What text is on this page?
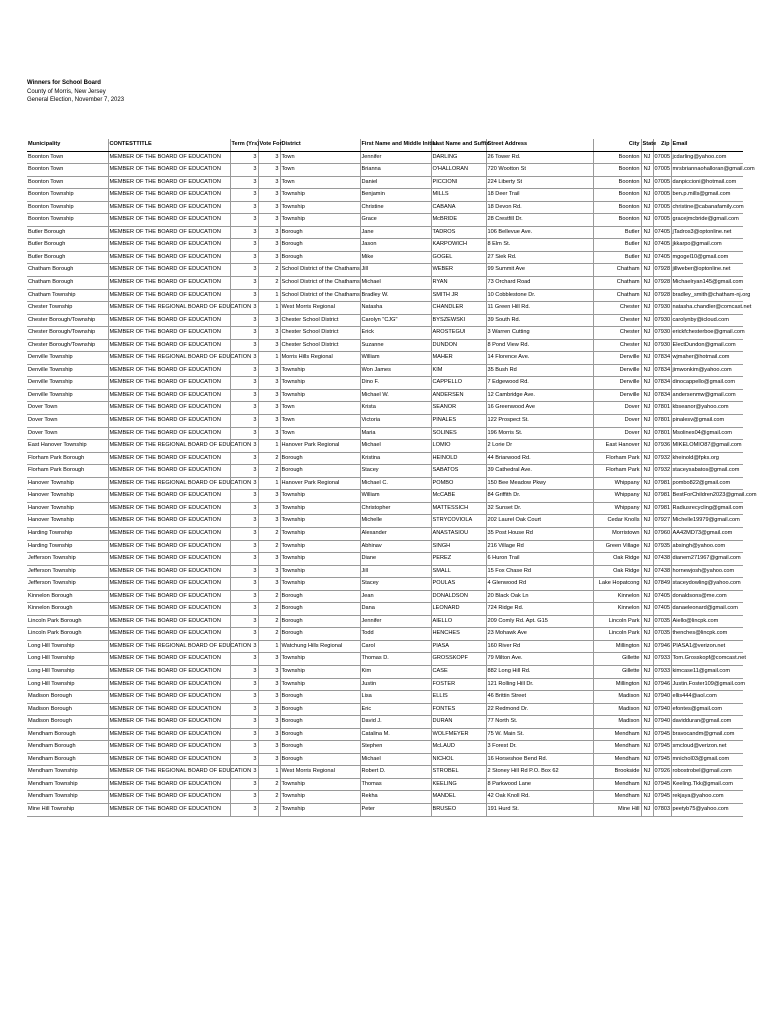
Winners for School Board
County of Morris, New Jersey
General Election, November 7, 2023
Municipality	CONTESTTITLE	Term (Yrs)	Vote For	District	First Name and Middle Initial	Last Name and Suffix	Street Address	City	State	Zip	Email
Boonton Town	MEMBER OF THE BOARD OF EDUCATION	3	3	Town	Jennifer	DARLING	26 Tower Rd.	Boonton	NJ	07005	jcdarling@yahoo.com
Boonton Town	MEMBER OF THE BOARD OF EDUCATION	3	3	Town	Brianna	O'HALLORAN	720 Wootton St	Boonton	NJ	07005	mrsbriannaohalloran@gmail.com
Boonton Town	MEMBER OF THE BOARD OF EDUCATION	3	3	Town	Daniel	PICCIONI	224 Liberty St	Boonton	NJ	07005	danpiccioni@hotmail.com
Boonton Township	MEMBER OF THE BOARD OF EDUCATION	3	3	Township	Benjamin	MILLS	18 Deer Trail	Boonton	NJ	07005	ben.p.mills@gmail.com
Boonton Township	MEMBER OF THE BOARD OF EDUCATION	3	3	Township	Christine	CABANA	18 Devon Rd.	Boonton	NJ	07005	christine@cabanafamily.com
Boonton Township	MEMBER OF THE BOARD OF EDUCATION	3	3	Township	Grace	McBRIDE	28 Crestfill Dr.	Boonton	NJ	07005	gracejmcbride@gmail.com
Butler Borough	MEMBER OF THE BOARD OF EDUCATION	3	3	Borough	Jane	TADROS	106 Bellevue Ave.	Butler	NJ	07405	jTadros3@optonline.net
Butler Borough	MEMBER OF THE BOARD OF EDUCATION	3	3	Borough	Jason	KARPOWICH	8 Elm St.	Butler	NJ	07405	jkkarpo@gmail.com
Butler Borough	MEMBER OF THE BOARD OF EDUCATION	3	3	Borough	Mike	GOGEL	27 Siek Rd.	Butler	NJ	07405	mgogel10@gmail.com
Chatham Borough	MEMBER OF THE BOARD OF EDUCATION	3	2	School District of the Chathams	Jill	WEBER	99 Summit Ave	Chatham	NJ	07928	jillweber@optonline.net
Chatham Borough	MEMBER OF THE BOARD OF EDUCATION	3	2	School District of the Chathams	Michael	RYAN	73 Orchard Road	Chatham	NJ	07928	Michaelryan145@gmail.com
Chatham Township	MEMBER OF THE BOARD OF EDUCATION	3	1	School District of the Chathams	Bradley W.	SMITH JR	10 Cobblestone Dr.	Chatham	NJ	07928	bradley_smith@chatham-nj.org
Chester Township	MEMBER OF THE REGIONAL BOARD OF EDUCATION	3	1	West Morris Regional	Natasha	CHANDLER	11 Green Hill Rd.	Chester	NJ	07930	natasha.chandler@comcast.net
Chester Borough/Township	MEMBER OF THE BOARD OF EDUCATION	3	3	Chester School District	Carolyn "CJG"	BYSZEWSKI	39 South Rd.	Chester	NJ	07930	carolynby@icloud.com
Chester Borough/Township	MEMBER OF THE BOARD OF EDUCATION	3	3	Chester School District	Erick	AROSTEGUI	3 Warren Cutting	Chester	NJ	07930	erickfchesterboe@gmail.com
Chester Borough/Township	MEMBER OF THE BOARD OF EDUCATION	3	3	Chester School District	Suzanne	DUNDON	8 Pond View Rd.	Chester	NJ	07930	ElectDundon@gmail.com
Denville Township	MEMBER OF THE REGIONAL BOARD OF EDUCATION	3	1	Morris Hills Regional	William	MAHER	14 Florence Ave.	Denville	NJ	07834	wjmaher@hotmail.com
Denville Township	MEMBER OF THE BOARD OF EDUCATION	3	3	Township	Won James	KIM	35 Bush Rd	Denville	NJ	07834	jimwonkim@yahoo.com
Denville Township	MEMBER OF THE BOARD OF EDUCATION	3	3	Township	Dino F.	CAPPELLO	7 Edgewood Rd.	Denville	NJ	07834	dinocappello@gmail.com
Denville Township	MEMBER OF THE BOARD OF EDUCATION	3	3	Township	Michael W.	ANDERSEN	12 Cambridge Ave.	Denville	NJ	07834	andersenmw@gmail.com
Dover Town	MEMBER OF THE BOARD OF EDUCATION	3	3	Town	Krista	SEANOR	16 Greenwood Ave	Dover	NJ	07801	kbseanor@yahoo.com
Dover Town	MEMBER OF THE BOARD OF EDUCATION	3	3	Town	Victoria	PINALES	122 Prospect St.	Dover	NJ	07801	pinalesv@gmail.com
Dover Town	MEMBER OF THE BOARD OF EDUCATION	3	3	Town	Maria	SOLINES	196 Morris St.	Dover	NJ	07801	Msolines04@gmail.com
East Hanover Township	MEMBER OF THE REGIONAL BOARD OF EDUCATION	3	1	Hanover Park Regional	Michael	LOMIO	2 Lorie Dr	East Hanover	NJ	07936	MIKELOMIO87@gmail.com
Florham Park Borough	MEMBER OF THE BOARD OF EDUCATION	3	2	Borough	Kristina	HEINOLD	44 Briarwood Rd.	Florham Park	NJ	07932	kheinold@fpks.org
Florham Park Borough	MEMBER OF THE BOARD OF EDUCATION	3	2	Borough	Stacey	SABATOS	39 Cathedral Ave.	Florham Park	NJ	07932	staceysabatos@gmail.com
Hanover Township	MEMBER OF THE REGIONAL BOARD OF EDUCATION	3	1	Hanover Park Regional	Michael C.	POMBO	150 Bee Meadow Pkwy	Whippany	NJ	07981	pombo822@gmail.com
Hanover Township	MEMBER OF THE BOARD OF EDUCATION	3	3	Township	William	McCABE	84 Griffith Dr.	Whippany	NJ	07981	BestForChildren2023@gmail.com
Hanover Township	MEMBER OF THE BOARD OF EDUCATION	3	3	Township	Christopher	MATTESSICH	32 Sunset Dr.	Whippany	NJ	07981	Radiusrecycling@gmail.com
Hanover Township	MEMBER OF THE BOARD OF EDUCATION	3	3	Township	Michelle	STRYCOVIOLA	202 Laurel Oak Court	Cedar Knolls	NJ	07927	Michelle19979@gmail.com
Harding Township	MEMBER OF THE BOARD OF EDUCATION	3	2	Township	Alexander	ANASTASIOU	35 Post House Rd	Morristown	NJ	07960	AA42MD73@gmail.com
Harding Township	MEMBER OF THE BOARD OF EDUCATION	3	2	Township	Abhinav	SINGH	216 Village Rd	Green Village	NJ	07935	absingh@yahoo.com
Jefferson Township	MEMBER OF THE BOARD OF EDUCATION	3	3	Township	Diane	PEREZ	6 Huron Trail	Oak Ridge	NJ	07438	dianem271967@gmail.com
Jefferson Township	MEMBER OF THE BOARD OF EDUCATION	3	3	Township	Jill	SMALL	15 Fox Chase Rd	Oak Ridge	NJ	07438	hornewjosh@yahoo.com
Jefferson Township	MEMBER OF THE BOARD OF EDUCATION	3	3	Township	Stacey	POULAS	4 Glenwood Rd	Lake Hopatcong	NJ	07849	staceydowling@yahoo.com
Kinnelon Borough	MEMBER OF THE BOARD OF EDUCATION	3	2	Borough	Jean	DONALDSON	20 Black Oak Ln	Kinnelon	NJ	07405	donaldsons@me.com
Kinnelon Borough	MEMBER OF THE BOARD OF EDUCATION	3	2	Borough	Dana	LEONARD	724 Ridge Rd.	Kinnelon	NJ	07405	danaeleonard@gmail.com
Lincoln Park Borough	MEMBER OF THE BOARD OF EDUCATION	3	2	Borough	Jennifer	AIELLO	209 Comly Rd. Apt. G15	Lincoln Park	NJ	07035	Aiello@lincpk.com
Lincoln Park Borough	MEMBER OF THE BOARD OF EDUCATION	3	2	Borough	Todd	HENCHES	23 Mohawk Ave	Lincoln Park	NJ	07035	thenches@lincpk.com
Long Hill Township	MEMBER OF THE REGIONAL BOARD OF EDUCATION	3	1	Watchung Hills Regional	Carol	PIASA	160 River Rd	Millington	NJ	07946	PIASA1@verizon.net
Long Hill Township	MEMBER OF THE BOARD OF EDUCATION	3	3	Township	Thomas D.	GROSSKOPF	79 Milton Ave.	Gillette	NJ	07933	Tom.Grosskopf@comcast.net
Long Hill Township	MEMBER OF THE BOARD OF EDUCATION	3	3	Township	Kim	CASE	882 Long Hill Rd.	Gillette	NJ	07933	kimcase11@gmail.com
Long Hill Township	MEMBER OF THE BOARD OF EDUCATION	3	3	Township	Justin	FOSTER	121 Rolling Hill Dr.	Millington	NJ	07946	Justin.Foster109@gmail.com
Madison Borough	MEMBER OF THE BOARD OF EDUCATION	3	3	Borough	Lisa	ELLIS	46 Brittin Street	Madison	NJ	07940	ellis444@aol.com
Madison Borough	MEMBER OF THE BOARD OF EDUCATION	3	3	Borough	Eric	FONTES	22 Redmond Dr.	Madison	NJ	07940	efontes@gmail.com
Madison Borough	MEMBER OF THE BOARD OF EDUCATION	3	3	Borough	David J.	DURAN	77 North St.	Madison	NJ	07940	davidduran@gmail.com
Mendham Borough	MEMBER OF THE BOARD OF EDUCATION	3	3	Borough	Catalina M.	WOLFMEYER	75 W. Main St.	Mendham	NJ	07945	bravocandm@gmail.com
Mendham Borough	MEMBER OF THE BOARD OF EDUCATION	3	3	Borough	Stephen	McLAUD	3 Forest Dr.	Mendham	NJ	07945	smcloud@verizon.net
Mendham Borough	MEMBER OF THE BOARD OF EDUCATION	3	3	Borough	Michael	NICHOL	16 Horseshoe Bend Rd.	Mendham	NJ	07945	mnichol03@gmail.com
Mendham Township	MEMBER OF THE REGIONAL BOARD OF EDUCATION	3	1	West Morris Regional	Robert D.	STROBEL	2 Stoney Hill Rd P.O. Box 62	Brookside	NJ	07926	robostrobel@gmail.com
Mendham Township	MEMBER OF THE BOARD OF EDUCATION	3	2	Township	Thomas	KEELING	8 Parkwood Lane	Mendham	NJ	07945	Keeling.Tkk@gmail.com
Mendham Township	MEMBER OF THE BOARD OF EDUCATION	3	2	Township	Rekha	MANDEL	42 Oak Knoll Rd.	Mendham	NJ	07945	rekjaya@yahoo.com
Mine Hill Township	MEMBER OF THE BOARD OF EDUCATION	3	2	Township	Peter	BRUSEO	191 Hurd St.	Mine Hill	NJ	07803	peetyb75@yahoo.com
